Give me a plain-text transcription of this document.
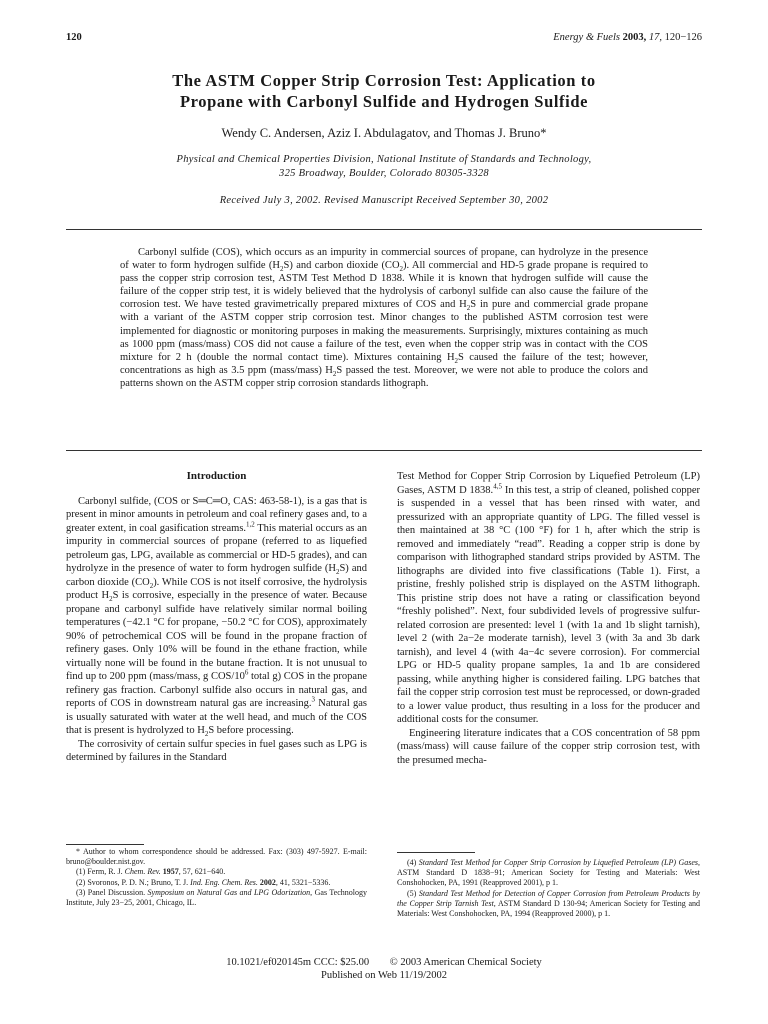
120	Energy & Fuels 2003, 17, 120−126
The ASTM Copper Strip Corrosion Test: Application to
Propane with Carbonyl Sulfide and Hydrogen Sulfide
Wendy C. Andersen, Aziz I. Abdulagatov, and Thomas J. Bruno*
Physical and Chemical Properties Division, National Institute of Standards and Technology,
325 Broadway, Boulder, Colorado 80305-3328
Received July 3, 2002. Revised Manuscript Received September 30, 2002
Carbonyl sulfide (COS), which occurs as an impurity in commercial sources of propane, can hydrolyze in the presence of water to form hydrogen sulfide $(H_2S)$ and carbon dioxide $(CO_2)$. All commercial and HD-5 grade propane is required to pass the copper strip corrosion test, ASTM Test Method D 1838. While it is known that hydrogen sulfide will cause the failure of the copper strip test, it is widely believed that the hydrolysis of carbonyl sulfide can also cause the failure of the corrosion test. We have tested gravimetrically prepared mixtures of COS and $H_2S$ in pure and commercial grade propane with a variant of the ASTM copper strip corrosion test. Minor changes to the published ASTM corrosion test were implemented for diagnostic or monitoring purposes in making the measurements. Surprisingly, mixtures containing as much as 1000 ppm (mass/mass) COS did not cause a failure of the test, even when the copper strip was in contact with the COS mixture for 2 h (double the normal contact time). Mixtures containing $H_2S$ caused the failure of the test; however, concentrations as high as 3.5 ppm (mass/mass) $H_2S$ passed the test. Moreover, we were not able to produce the colors and patterns shown on the ASTM copper strip corrosion standards lithograph.
Introduction
Carbonyl sulfide, (COS or S═C═O, CAS: 463-58-1), is a gas that is present in minor amounts in petroleum and coal refinery gases and, to a greater extent, in coal gasification streams.$^{1,2}$ This material occurs as an impurity in commercial sources of propane (referred to as liquefied petroleum gas, LPG, available as commercial or HD-5 grades), and can hydrolyze in the presence of water to form hydrogen sulfide $(H_2S)$ and carbon dioxide $(CO_2)$. While COS is not itself corrosive, the hydrolysis product $H_2S$ is corrosive, especially in the presence of water. Because propane and carbonyl sulfide have relatively similar normal boiling temperatures (−42.1 °C for propane, −50.2 °C for COS), approximately 90% of petrochemical COS will be found in the propane fraction of refinery gases. Only 10% will be found in the ethane fraction, while virtually none will be found in the butane fraction. It is not unusual to find up to 200 ppm (mass/mass, g COS/$10^6$ total g) COS in the propane refinery gas fraction. Carbonyl sulfide also occurs in natural gas, and reports of COS in downstream natural gas are increasing.$^3$ Natural gas is usually saturated with water at the well head, and much of the COS that is present is hydrolyzed to $H_2S$ before processing.
The corrosivity of certain sulfur species in fuel gases such as LPG is determined by failures in the Standard
Test Method for Copper Strip Corrosion by Liquefied Petroleum (LP) Gases, ASTM D 1838.$^{4,5}$ In this test, a strip of cleaned, polished copper is suspended in a vessel that has been rinsed with water, and pressurized with an appropriate quantity of LPG. The filled vessel is then maintained at 38 °C (100 °F) for 1 h, after which the strip is removed and immediately “read”. Reading a copper strip is done by comparison with lithographed standard strips provided by ASTM. The lithographs are divided into five classifications (Table 1). First, a pristine, freshly polished strip is displayed on the ASTM lithograph. This pristine strip does not have a rating or classification beyond “freshly polished”. Next, four subdivided levels of progressive sulfur-related corrosion are presented: level 1 (with 1a and 1b slight tarnish), level 2 (with 2a−2e moderate tarnish), level 3 (with 3a and 3b dark tarnish), and level 4 (with 4a−4c severe corrosion). For commercial LPG or HD-5 quality propane samples, 1a and 1b are considered passing, while anything higher is considered failing. LPG batches that fail the copper strip corrosion test must be reprocessed, or down-graded to a lower value product, thus resulting in a loss for the producer and additional costs for the consumer.
Engineering literature indicates that a COS concentration of 58 ppm (mass/mass) will cause failure of the copper strip corrosion test, with the presumed mecha-
* Author to whom correspondence should be addressed. Fax: (303) 497-5927. E-mail: bruno@boulder.nist.gov.
(1) Ferm, R. J. Chem. Rev. 1957, 57, 621−640.
(2) Svoronos, P. D. N.; Bruno, T. J. Ind. Eng. Chem. Res. 2002, 41, 5321−5336.
(3) Panel Discussion. Symposium on Natural Gas and LPG Odorization, Gas Technology Institute, July 23−25, 2001, Chicago, IL.
(4) Standard Test Method for Copper Strip Corrosion by Liquefied Petroleum (LP) Gases, ASTM Standard D 1838−91; American Society for Testing and Materials: West Conshohocken, PA, 1991 (Reapproved 2001), p 1.
(5) Standard Test Method for Detection of Copper Corrosion from Petroleum Products by the Copper Strip Tarnish Test, ASTM Standard D 130-94; American Society for Testing and Materials: West Conshohocken, PA, 1994 (Reapproved 2000), p 1.
10.1021/ef020145m CCC: $25.00 © 2003 American Chemical Society
Published on Web 11/19/2002
